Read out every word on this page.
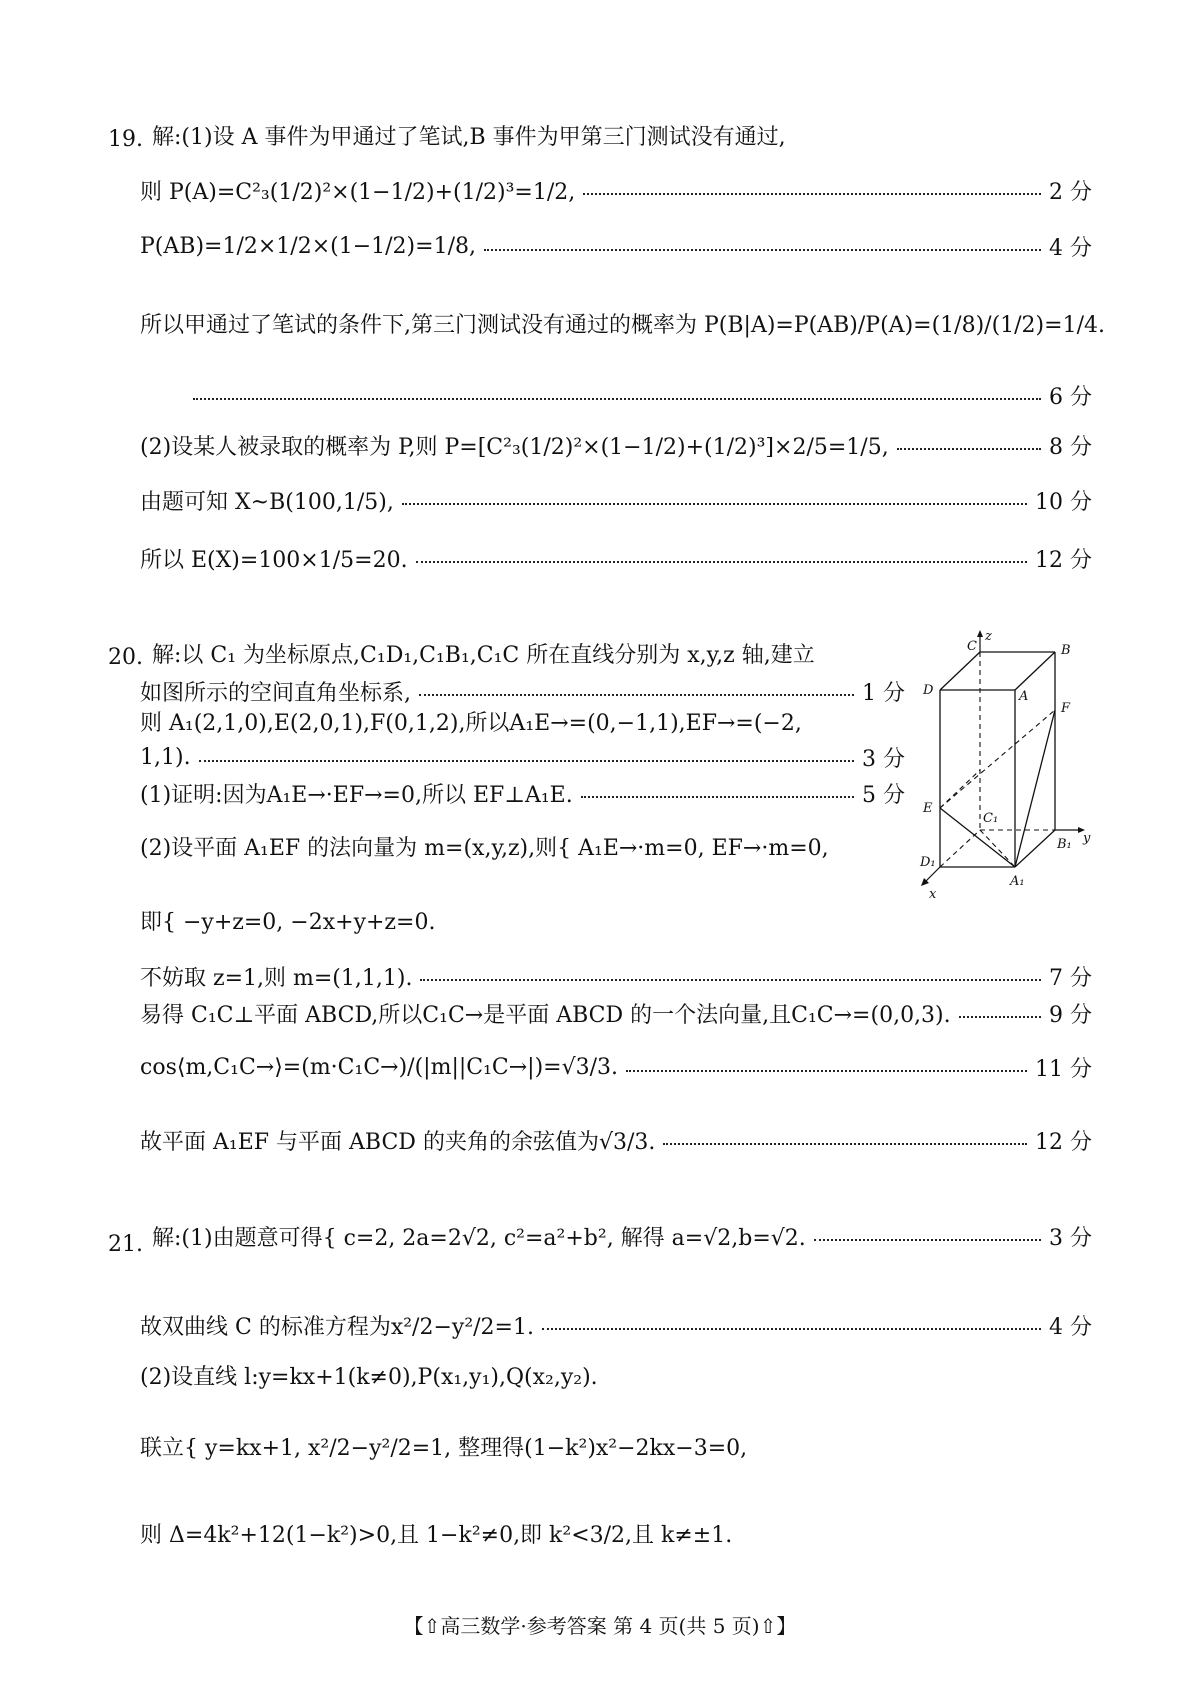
19. 解:(1)设 A 事件为甲通过了笔试,B 事件为甲第三门测试没有通过,
则 P(A)=C²₃(1/2)²×(1−1/2)+(1/2)³=1/2,	2 分
P(AB)=1/2×1/2×(1−1/2)=1/8,	4 分
所以甲通过了笔试的条件下,第三门测试没有通过的概率为 P(B|A)=P(AB)/P(A)=(1/8)/(1/2)=1/4.
6 分
(2)设某人被录取的概率为 P,则 P=[C²₃(1/2)²×(1−1/2)+(1/2)³]×2/5=1/5,	8 分
由题可知 X~B(100,1/5),	10 分
所以 E(X)=100×1/5=20.	12 分
20. 解:以 C₁ 为坐标原点,C₁D₁,C₁B₁,C₁C 所在直线分别为 x,y,z 轴,建立
如图所示的空间直角坐标系,	1 分
则 A₁(2,1,0),E(2,0,1),F(0,1,2),所以A₁E→=(0,−1,1),EF→=(−2,
1,1).	3 分
(1)证明:因为A₁E→·EF→=0,所以 EF⊥A₁E.	5 分
(2)设平面 A₁EF 的法向量为 m=(x,y,z),则{ A₁E→·m=0, EF→·m=0,
即{ −y+z=0, −2x+y+z=0.
不妨取 z=1,则 m=(1,1,1).	7 分
易得 C₁C⊥平面 ABCD,所以C₁C→是平面 ABCD 的一个法向量,且C₁C→=(0,0,3).	9 分
cos⟨m,C₁C→⟩=(m·C₁C→)/(|m||C₁C→|)=√3/3.	11 分
故平面 A₁EF 与平面 ABCD 的夹角的余弦值为√3/3.	12 分
C
z
B
D	A
F
E
C₁
B₁ y
D₁
x
A₁
21. 解:(1)由题意可得{ c=2, 2a=2√2, c²=a²+b², 解得 a=√2,b=√2.	3 分
故双曲线 C 的标准方程为x²/2−y²/2=1.	4 分
(2)设直线 l:y=kx+1(k≠0),P(x₁,y₁),Q(x₂,y₂).
联立{ y=kx+1, x²/2−y²/2=1, 整理得(1−k²)x²−2kx−3=0,
则 Δ=4k²+12(1−k²)>0,且 1−k²≠0,即 k²<3/2,且 k≠±1.
【⇧高三数学·参考答案 第 4 页(共 5 页)⇧】
